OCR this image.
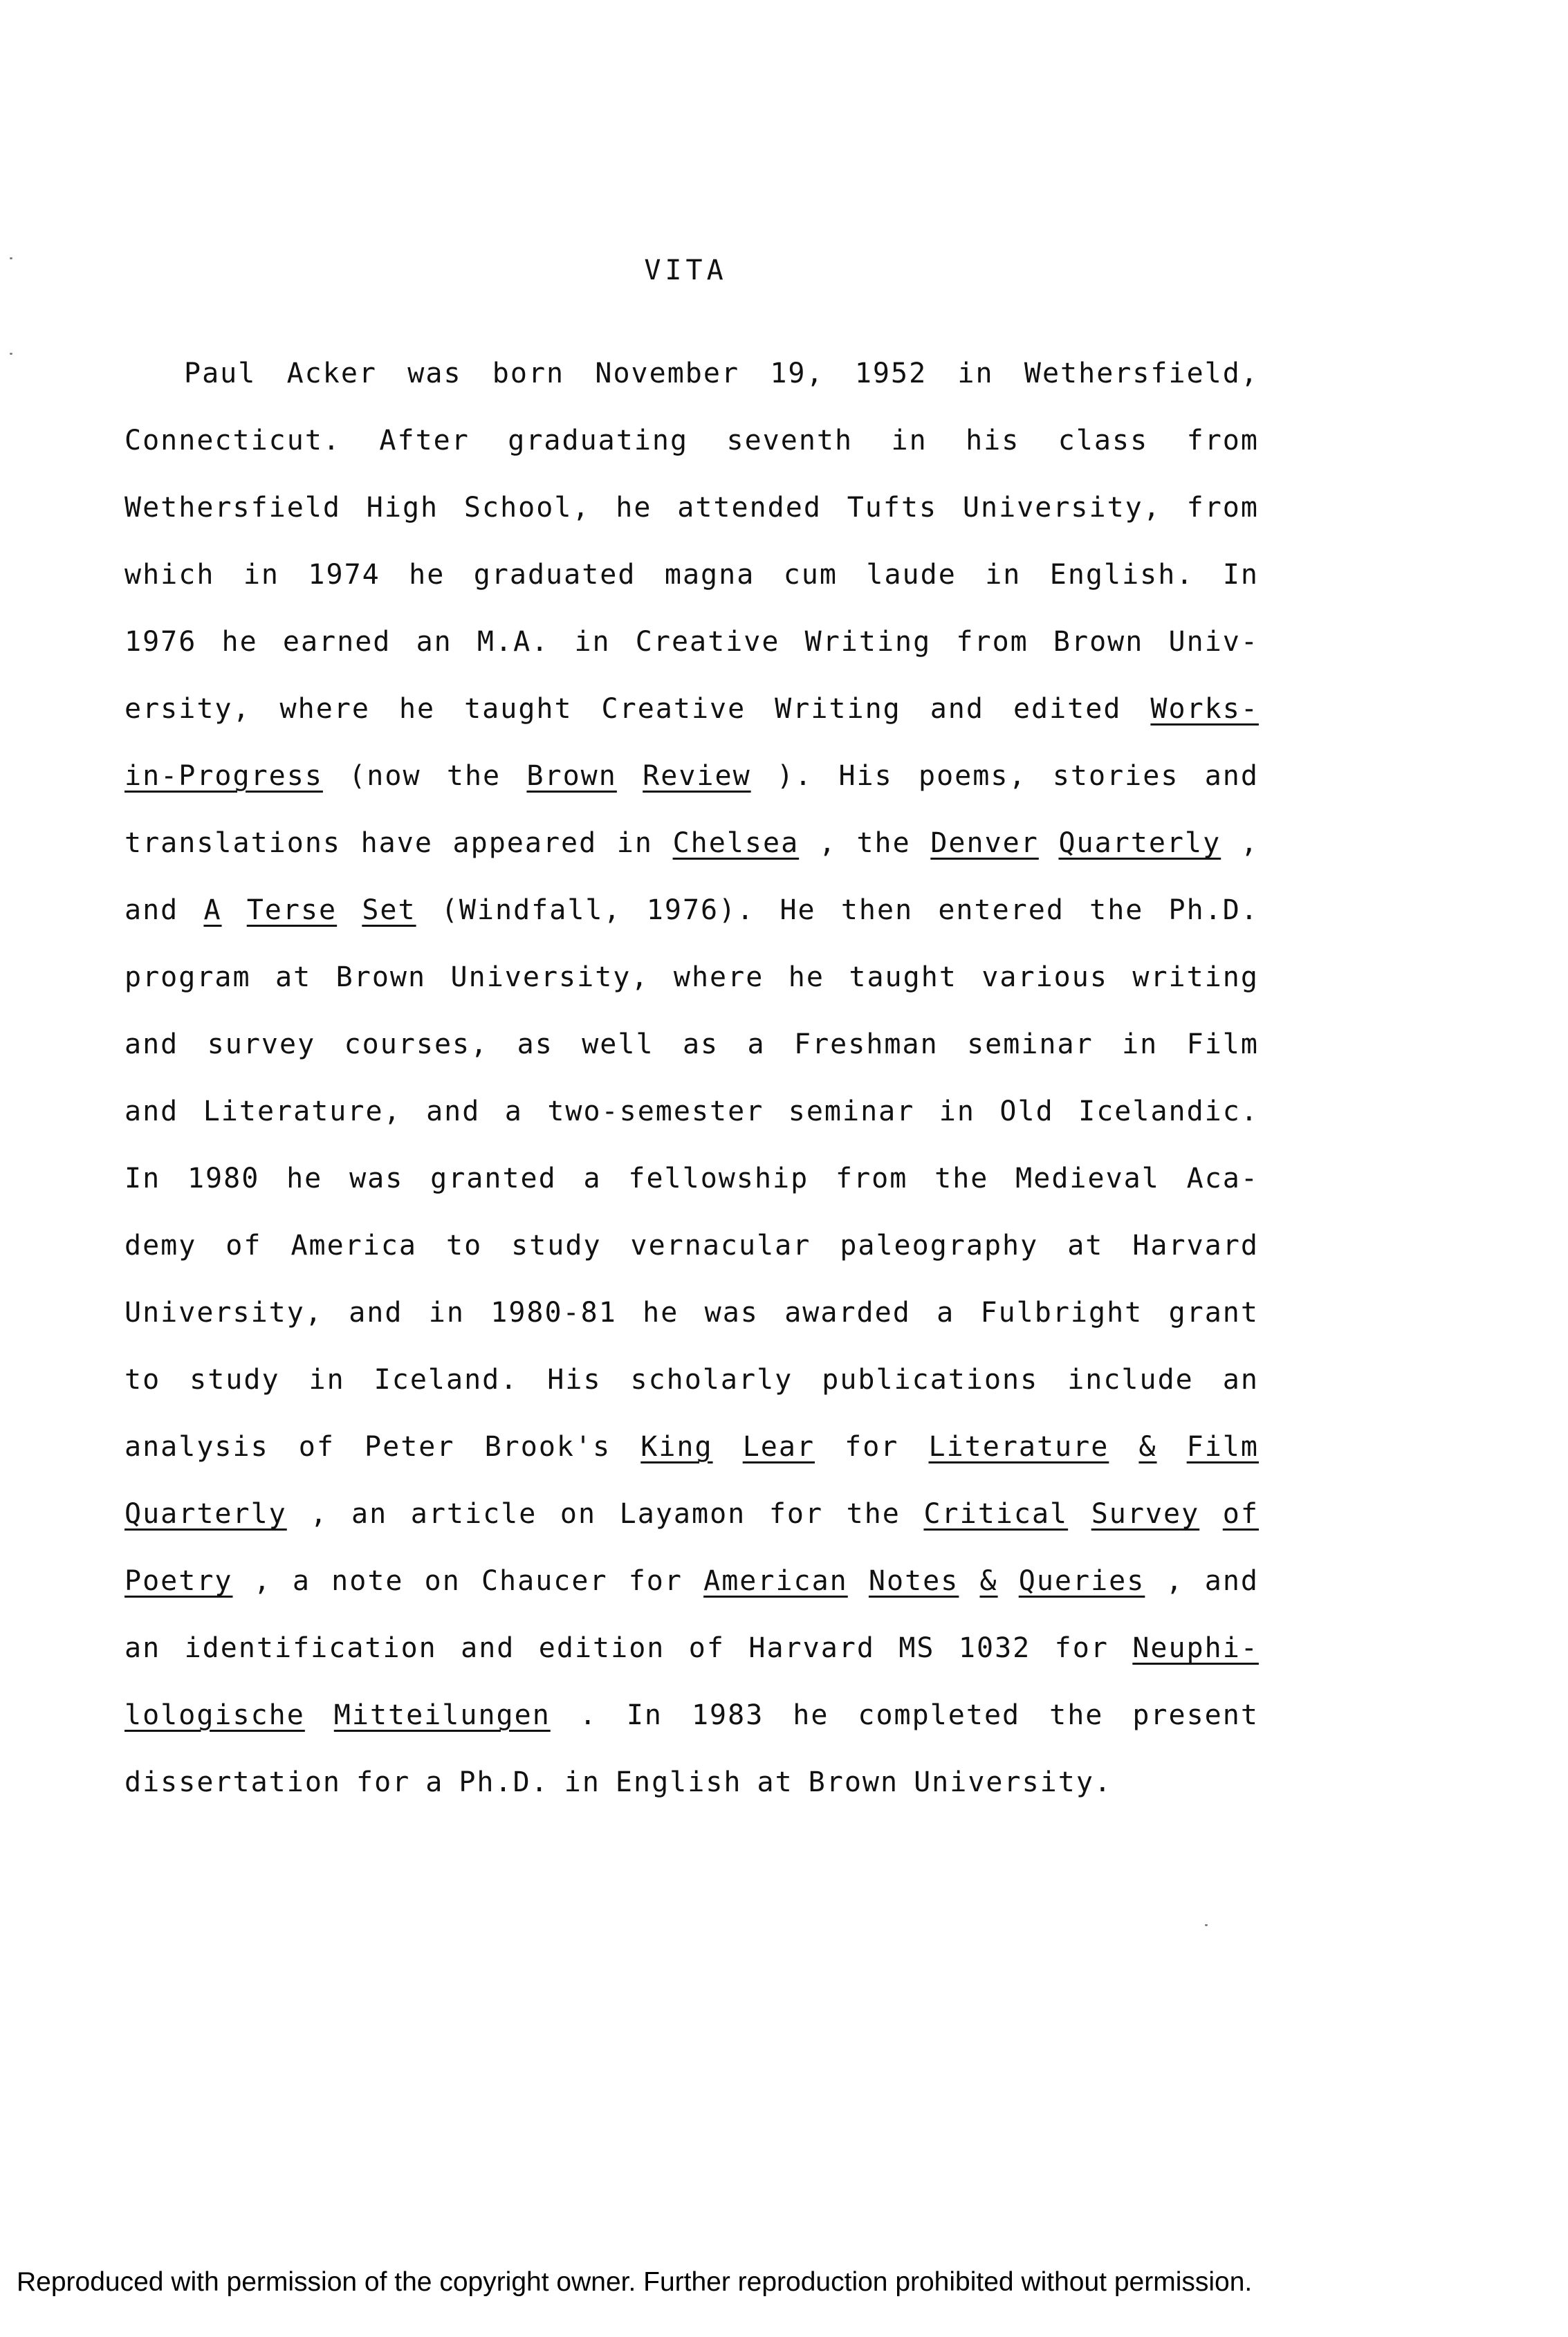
VITA
Paul Acker was born November 19, 1952 in Wethersfield,
Connecticut. After graduating seventh in his class from
Wethersfield High School, he attended Tufts University, from
which in 1974 he graduated magna cum laude in English. In
1976 he earned an M.A. in Creative Writing from Brown Univ-
ersity, where he taught Creative Writing and edited Works-
in-Progress (now the Brown Review ). His poems, stories and
translations have appeared in Chelsea , the Denver Quarterly ,
and A Terse Set (Windfall, 1976). He then entered the Ph.D.
program at Brown University, where he taught various writing
and survey courses, as well as a Freshman seminar in Film
and Literature, and a two-semester seminar in Old Icelandic.
In 1980 he was granted a fellowship from the Medieval Aca-
demy of America to study vernacular paleography at Harvard
University, and in 1980-81 he was awarded a Fulbright grant
to study in Iceland. His scholarly publications include an
analysis of Peter Brook's King Lear for Literature & Film
Quarterly , an article on Layamon for the Critical Survey of
Poetry , a note on Chaucer for American Notes & Queries , and
an identification and edition of Harvard MS 1032 for Neuphi-
lologische Mitteilungen . In 1983 he completed the present
dissertation for a Ph.D. in English at Brown University.
Reproduced with permission of the copyright owner. Further reproduction prohibited without permission.
